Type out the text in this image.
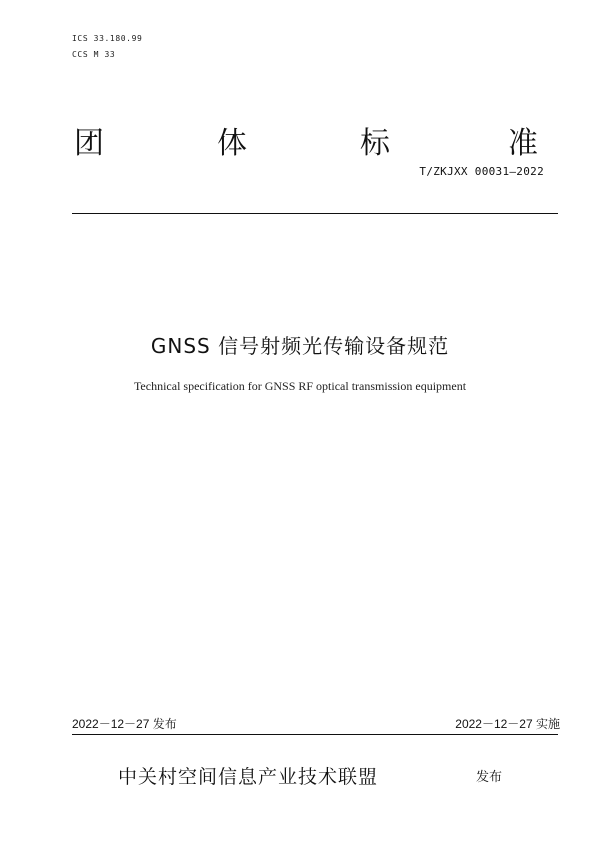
ICS 33.180.99
CCS M 33
团	体	标	准
T/ZKJXX 00031—2022
GNSS 信号射频光传输设备规范
Technical specification for GNSS RF optical transmission equipment
2022－12－27 发布	2022－12－27 实施
中关村空间信息产业技术联盟	发布
